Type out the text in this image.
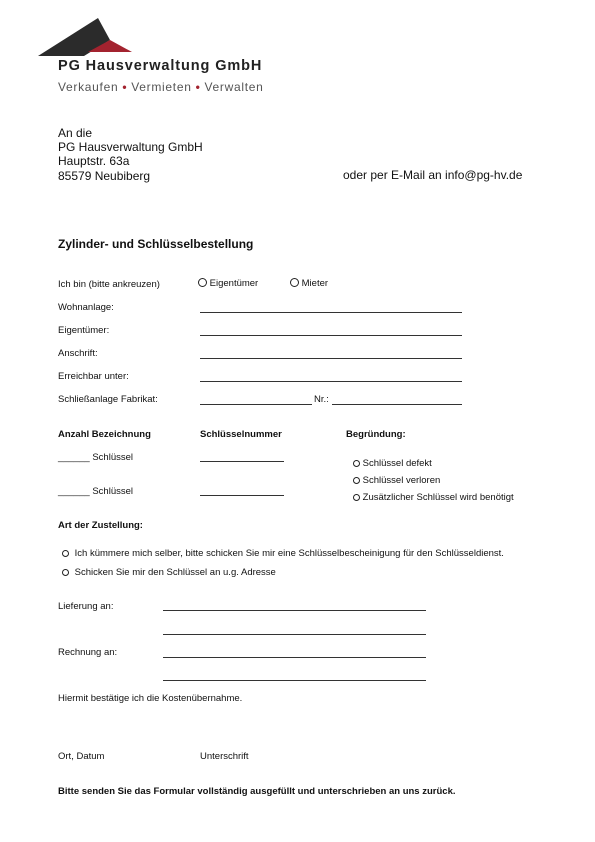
PG Hausverwaltung GmbH
Verkaufen • Vermieten • Verwalten
An die
PG Hausverwaltung GmbH
Hauptstr. 63a
85579 Neubiberg	oder per E-Mail an info@pg-hv.de
Zylinder- und Schlüsselbestellung
Ich bin (bitte ankreuzen)	Eigentümer	Mieter
Wohnanlage:
Eigentümer:
Anschrift:
Erreichbar unter:
Schließanlage Fabrikat:	Nr.:
Anzahl Bezeichnung	Schlüsselnummer	Begründung:
______ Schlüssel
______ Schlüssel
Schlüssel defekt
Schlüssel verloren
Zusätzlicher Schlüssel wird benötigt
Art der Zustellung:
Ich kümmere mich selber, bitte schicken Sie mir eine Schlüsselbescheinigung für den Schlüsseldienst.
Schicken Sie mir den Schlüssel an u.g. Adresse
Lieferung an:
Rechnung an:
Hiermit bestätige ich die Kostenübernahme.
Ort, Datum	Unterschrift
Bitte senden Sie das Formular vollständig ausgefüllt und unterschrieben an uns zurück.
